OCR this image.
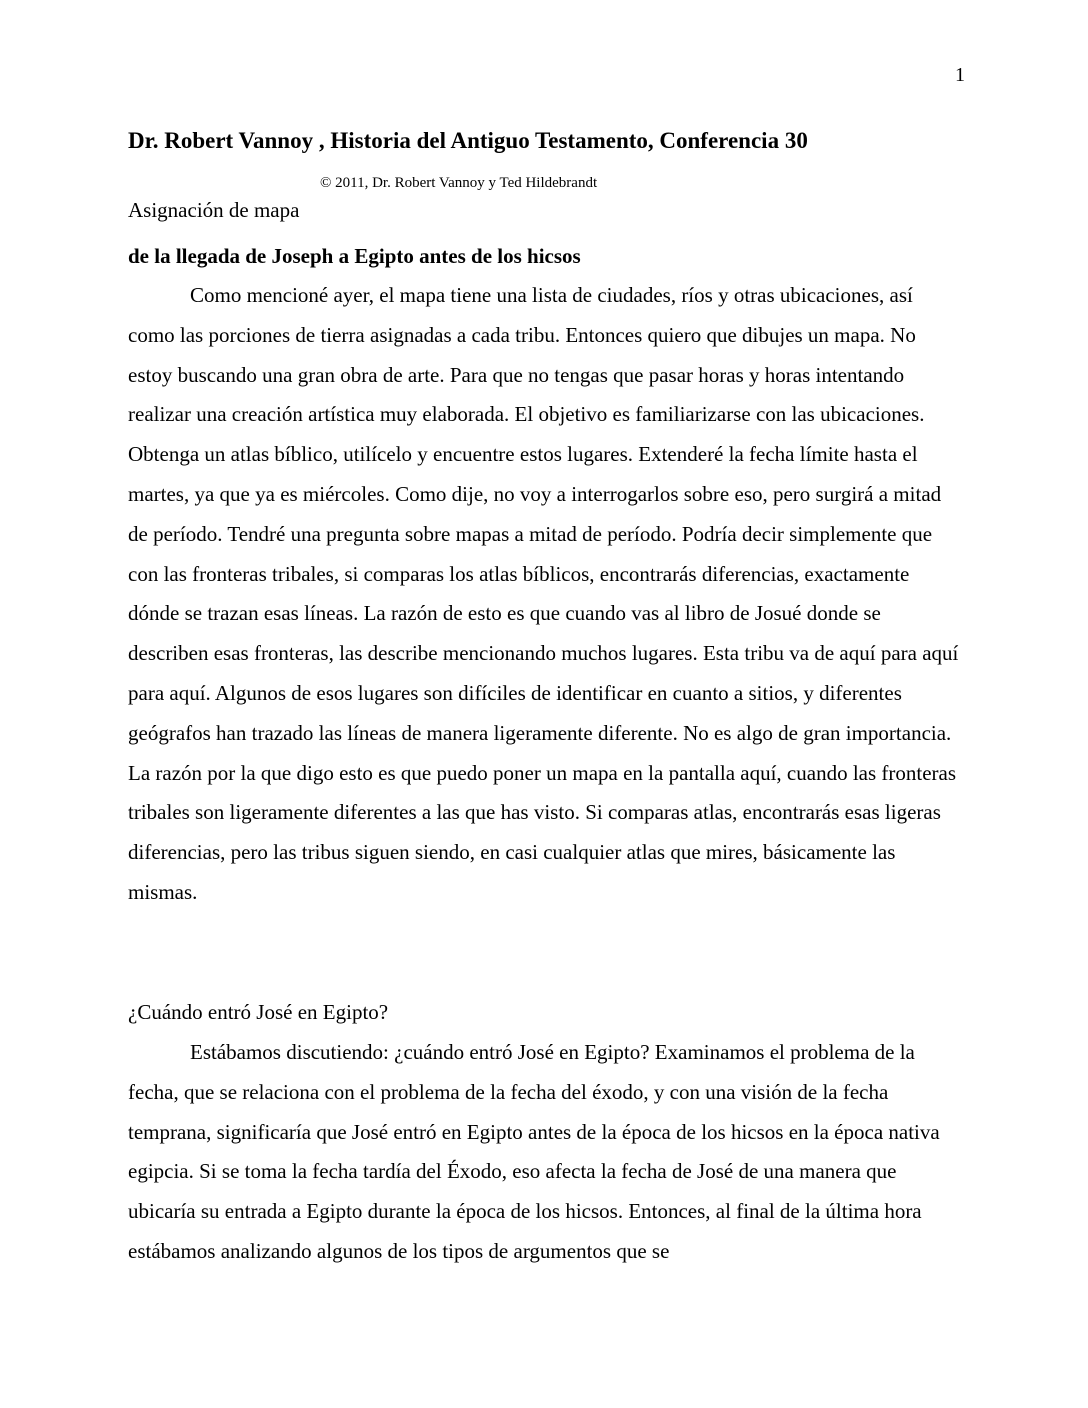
1
Dr. Robert Vannoy , Historia del Antiguo Testamento, Conferencia 30
© 2011, Dr. Robert Vannoy y Ted Hildebrandt
Asignación de mapa
de la llegada de Joseph a Egipto antes de los hicsos
Como mencioné ayer, el mapa tiene una lista de ciudades, ríos y otras ubicaciones, así como las porciones de tierra asignadas a cada tribu. Entonces quiero que dibujes un mapa. No estoy buscando una gran obra de arte. Para que no tengas que pasar horas y horas intentando realizar una creación artística muy elaborada. El objetivo es familiarizarse con las ubicaciones. Obtenga un atlas bíblico, utilícelo y encuentre estos lugares. Extenderé la fecha límite hasta el martes, ya que ya es miércoles. Como dije, no voy a interrogarlos sobre eso, pero surgirá a mitad de período. Tendré una pregunta sobre mapas a mitad de período. Podría decir simplemente que con las fronteras tribales, si comparas los atlas bíblicos, encontrarás diferencias, exactamente dónde se trazan esas líneas. La razón de esto es que cuando vas al libro de Josué donde se describen esas fronteras, las describe mencionando muchos lugares. Esta tribu va de aquí para aquí para aquí. Algunos de esos lugares son difíciles de identificar en cuanto a sitios, y diferentes geógrafos han trazado las líneas de manera ligeramente diferente. No es algo de gran importancia. La razón por la que digo esto es que puedo poner un mapa en la pantalla aquí, cuando las fronteras tribales son ligeramente diferentes a las que has visto. Si comparas atlas, encontrarás esas ligeras diferencias, pero las tribus siguen siendo, en casi cualquier atlas que mires, básicamente las mismas.
¿Cuándo entró José en Egipto?
Estábamos discutiendo: ¿cuándo entró José en Egipto? Examinamos el problema de la fecha, que se relaciona con el problema de la fecha del éxodo, y con una visión de la fecha temprana, significaría que José entró en Egipto antes de la época de los hicsos en la época nativa egipcia. Si se toma la fecha tardía del Éxodo, eso afecta la fecha de José de una manera que ubicaría su entrada a Egipto durante la época de los hicsos. Entonces, al final de la última hora estábamos analizando algunos de los tipos de argumentos que se
